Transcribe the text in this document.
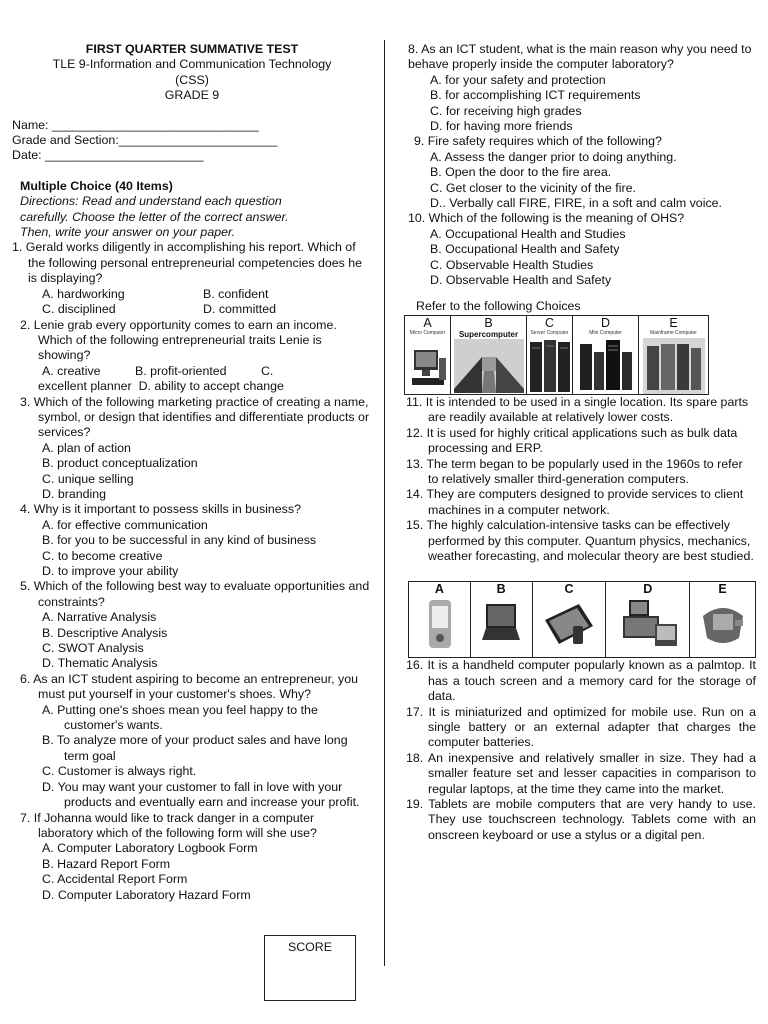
FIRST QUARTER SUMMATIVE TEST
TLE 9-Information and Communication Technology
(CSS)
GRADE 9
Name: ______________________________
Grade and Section:_______________________
Date: _______________________
Multiple Choice (40 Items)
Directions: Read and understand each question
carefully. Choose the letter of the correct answer.
Then, write your answer on your paper.
1. Gerald works diligently in accomplishing his report. Which of the following personal entrepreneurial competencies does he is displaying?
A. hardworking	B. confident
C. disciplined	D. committed
2. Lenie grab every opportunity comes to earn an income. Which of the following entrepreneurial traits Lenie is showing?
A. creative          B. profit-oriented          C.
excellent planner  D. ability to accept change
3. Which of the following marketing practice of creating a name, symbol, or design that identifies and differentiate products or services?
A. plan of action
B. product conceptualization
C. unique selling
D. branding
4. Why is it important to possess skills in business?
A. for effective communication
B. for you to be successful in any kind of business
C. to become creative
D. to improve your ability
5. Which of the following best way to evaluate opportunities and constraints?
A. Narrative Analysis
B. Descriptive Analysis
C. SWOT Analysis
D. Thematic Analysis
6. As an ICT student aspiring to become an entrepreneur, you must put yourself in your customer's shoes. Why?
A. Putting one's shoes mean you feel happy to the customer's wants.
B. To analyze more of your product sales and have long term goal
C. Customer is always right.
D. You may want your customer to fall in love with your products and eventually earn and increase your profit.
7. If Johanna would like to track danger in a computer laboratory which of the following form will she use?
A. Computer Laboratory Logbook Form
B. Hazard Report Form
C. Accidental Report Form
D. Computer Laboratory Hazard Form
SCORE
8. As an ICT student, what is the main reason why you need to behave properly inside the computer laboratory?
A. for your safety and protection
B. for accomplishing ICT requirements
C. for receiving high grades
D. for having more friends
9. Fire safety requires which of the following?
A. Assess the danger prior to doing anything.
B. Open the door to the fire area.
C. Get closer to the vicinity of the fire.
D.. Verbally call FIRE, FIRE, in a soft and calm voice.
10. Which of the following is the meaning of OHS?
A. Occupational Health and Studies
B. Occupational Health and Safety
C. Observable Health Studies
D. Observable Health and Safety
Refer to the following Choices
A
Micro Computer

B
Supercomputer

C
Server Computer

D
Mini Computer

E
Mainframe Computer
11. It is intended to be used in a single location. Its spare parts are readily available at relatively lower costs.
12. It is used for highly critical applications such as bulk data processing and ERP.
13. The term began to be popularly used in the 1960s to refer to relatively smaller third-generation computers.
14. They are computers designed to provide services to client machines in a computer network.
15. The highly calculation-intensive tasks can be effectively performed by this computer. Quantum physics, mechanics, weather forecasting, and molecular theory are best studied.
A	B	C	D	E
16. It is a handheld computer popularly known as a palmtop. It has a touch screen and a memory card for the storage of data.
17. It is miniaturized and optimized for mobile use. Run on a single battery or an external adapter that charges the computer batteries.
18. An inexpensive and relatively smaller in size. They had a smaller feature set and lesser capacities in comparison to regular laptops, at the time they came into the market.
19. Tablets are mobile computers that are very handy to use. They use touchscreen technology. Tablets come with an onscreen keyboard or use a stylus or a digital pen.
